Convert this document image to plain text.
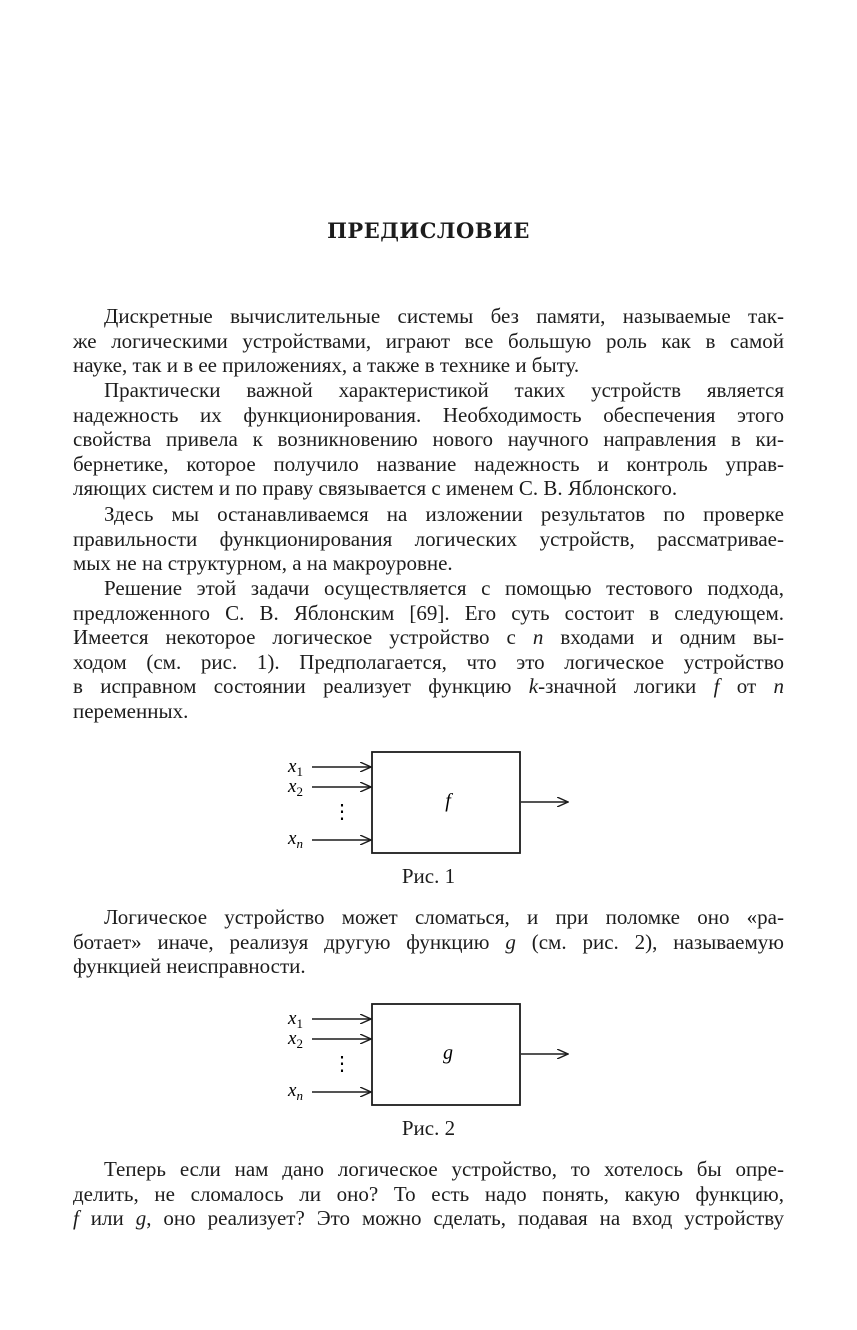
ПРЕДИСЛОВИЕ
Дискретные вычислительные системы без памяти, называемые так-
же логическими устройствами, играют все большую роль как в самой
науке, так и в ее приложениях, а также в технике и быту.
Практически важной характеристикой таких устройств является
надежность их функционирования. Необходимость обеспечения этого
свойства привела к возникновению нового научного направления в ки-
бернетике, которое получило название надежность и контроль управ-
ляющих систем и по праву связывается с именем С. В. Яблонского.
Здесь мы останавливаемся на изложении результатов по проверке
правильности функционирования логических устройств, рассматривае-
мых не на структурном, а на макроуровне.
Решение этой задачи осуществляется с помощью тестового подхода,
предложенного С. В. Яблонским [69]. Его суть состоит в следующем.
Имеется некоторое логическое устройство с n входами и одним вы-
ходом (см. рис. 1). Предполагается, что это логическое устройство
в исправном состоянии реализует функцию k-значной логики f от n
переменных.
f
$x_1$
$x_2$
$x_n$
⋮
Рис. 1
Логическое устройство может сломаться, и при поломке оно «ра-
ботает» иначе, реализуя другую функцию g (см. рис. 2), называемую
функцией неисправности.
g
$x_1$
$x_2$
$x_n$
⋮
Рис. 2
Теперь если нам дано логическое устройство, то хотелось бы опре-
делить, не сломалось ли оно? То есть надо понять, какую функцию,
f или g, оно реализует? Это можно сделать, подавая на вход устройству
